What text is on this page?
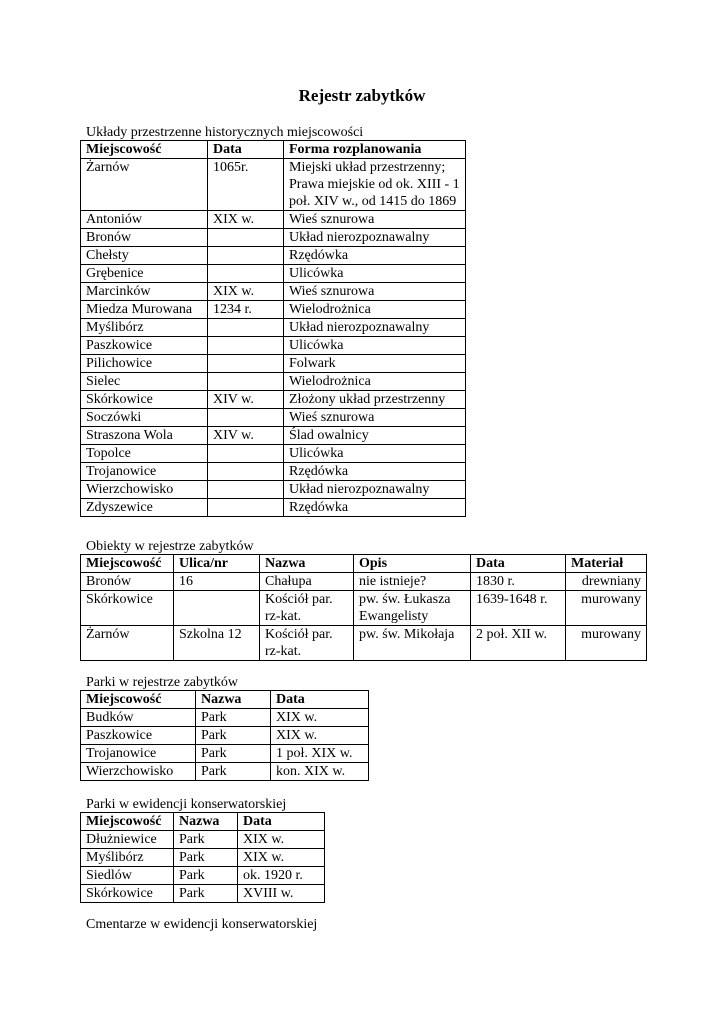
Rejestr zabytków
Układy przestrzenne historycznych miejscowości
Miejscowość	Data	Forma rozplanowania
Żarnów	1065r.	Miejski układ przestrzenny; Prawa miejskie od ok. XIII - 1 poł. XIV w., od 1415 do 1869
Antoniów	XIX w.	Wieś sznurowa
Bronów		Układ nierozpoznawalny
Chełsty		Rzędówka
Grębenice		Ulicówka
Marcinków	XIX w.	Wieś sznurowa
Miedza Murowana	1234 r.	Wielodrożnica
Myślibórz		Układ nierozpoznawalny
Paszkowice		Ulicówka
Pilichowice		Folwark
Sielec		Wielodrożnica
Skórkowice	XIV w.	Złożony układ przestrzenny
Soczówki		Wieś sznurowa
Straszona Wola	XIV w.	Ślad owalnicy
Topolce		Ulicówka
Trojanowice		Rzędówka
Wierzchowisko		Układ nierozpoznawalny
Zdyszewice		Rzędówka
Obiekty w rejestrze zabytków
Miejscowość	Ulica/nr	Nazwa	Opis	Data	Materiał
Bronów	16	Chałupa	nie istnieje?	1830 r.	drewniany
Skórkowice		Kościół par. rz-kat.	pw. św. Łukasza Ewangelisty	1639-1648 r.	murowany
Żarnów	Szkolna 12	Kościół par. rz-kat.	pw. św. Mikołaja	2 poł. XII w.	murowany
Parki w rejestrze zabytków
Miejscowość	Nazwa	Data
Budków	Park	XIX w.
Paszkowice	Park	XIX w.
Trojanowice	Park	1 poł. XIX w.
Wierzchowisko	Park	kon. XIX w.
Parki w ewidencji konserwatorskiej
Miejscowość	Nazwa	Data
Dłużniewice	Park	XIX w.
Myślibórz	Park	XIX w.
Siedlów	Park	ok. 1920 r.
Skórkowice	Park	XVIII w.
Cmentarze w ewidencji konserwatorskiej
